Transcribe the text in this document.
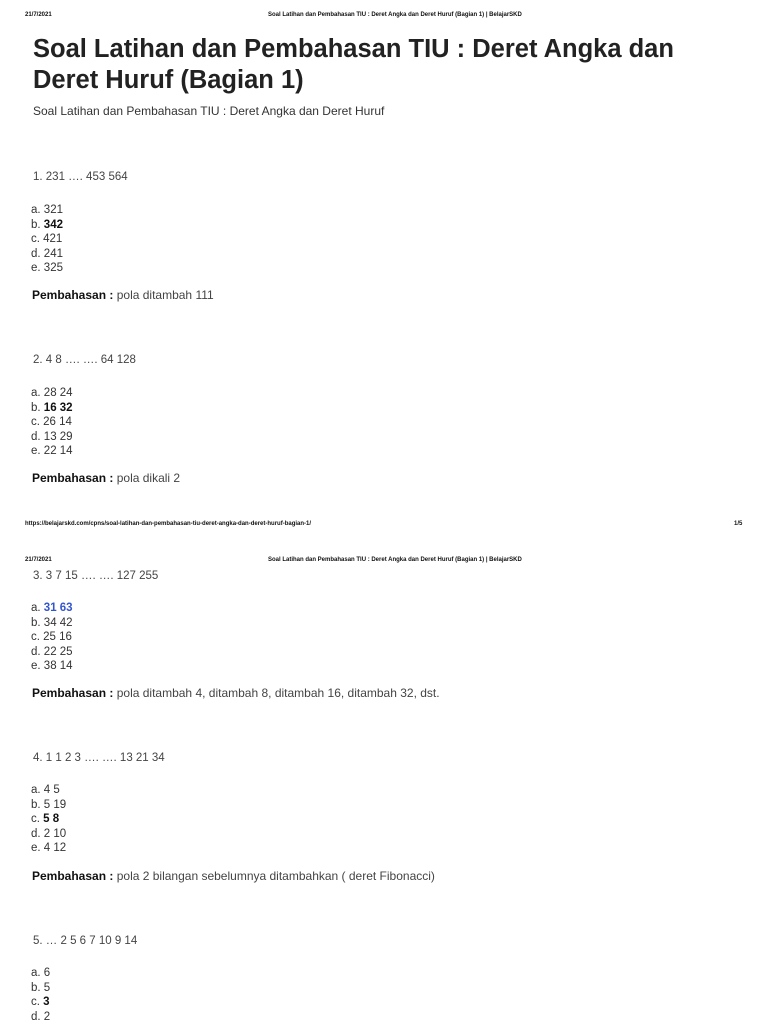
21/7/2021	Soal Latihan dan Pembahasan TIU : Deret Angka dan Deret Huruf (Bagian 1) | BelajarSKD
Soal Latihan dan Pembahasan TIU : Deret Angka dan Deret Huruf (Bagian 1)
Soal Latihan dan Pembahasan TIU : Deret Angka dan Deret Huruf
1. 231 …. 453 564
a. 321
b. 342
c. 421
d. 241
e. 325
Pembahasan : pola ditambah 111
2. 4 8 …. …. 64 128
a. 28 24
b. 16 32
c. 26 14
d. 13 29
e. 22 14
Pembahasan : pola dikali 2
https://belajarskd.com/cpns/soal-latihan-dan-pembahasan-tiu-deret-angka-dan-deret-huruf-bagian-1/	1/5
21/7/2021	Soal Latihan dan Pembahasan TIU : Deret Angka dan Deret Huruf (Bagian 1) | BelajarSKD
3. 3 7 15 …. …. 127 255
a. 31 63
b. 34 42
c. 25 16
d. 22 25
e. 38 14
Pembahasan : pola ditambah 4, ditambah 8, ditambah 16, ditambah 32, dst.
4. 1 1 2 3 …. …. 13 21 34
a. 4 5
b. 5 19
c. 5 8
d. 2 10
e. 4 12
Pembahasan : pola 2 bilangan sebelumnya ditambahkan ( deret Fibonacci)
5. … 2 5 6 7 10 9 14
a. 6
b. 5
c. 3
d. 2
